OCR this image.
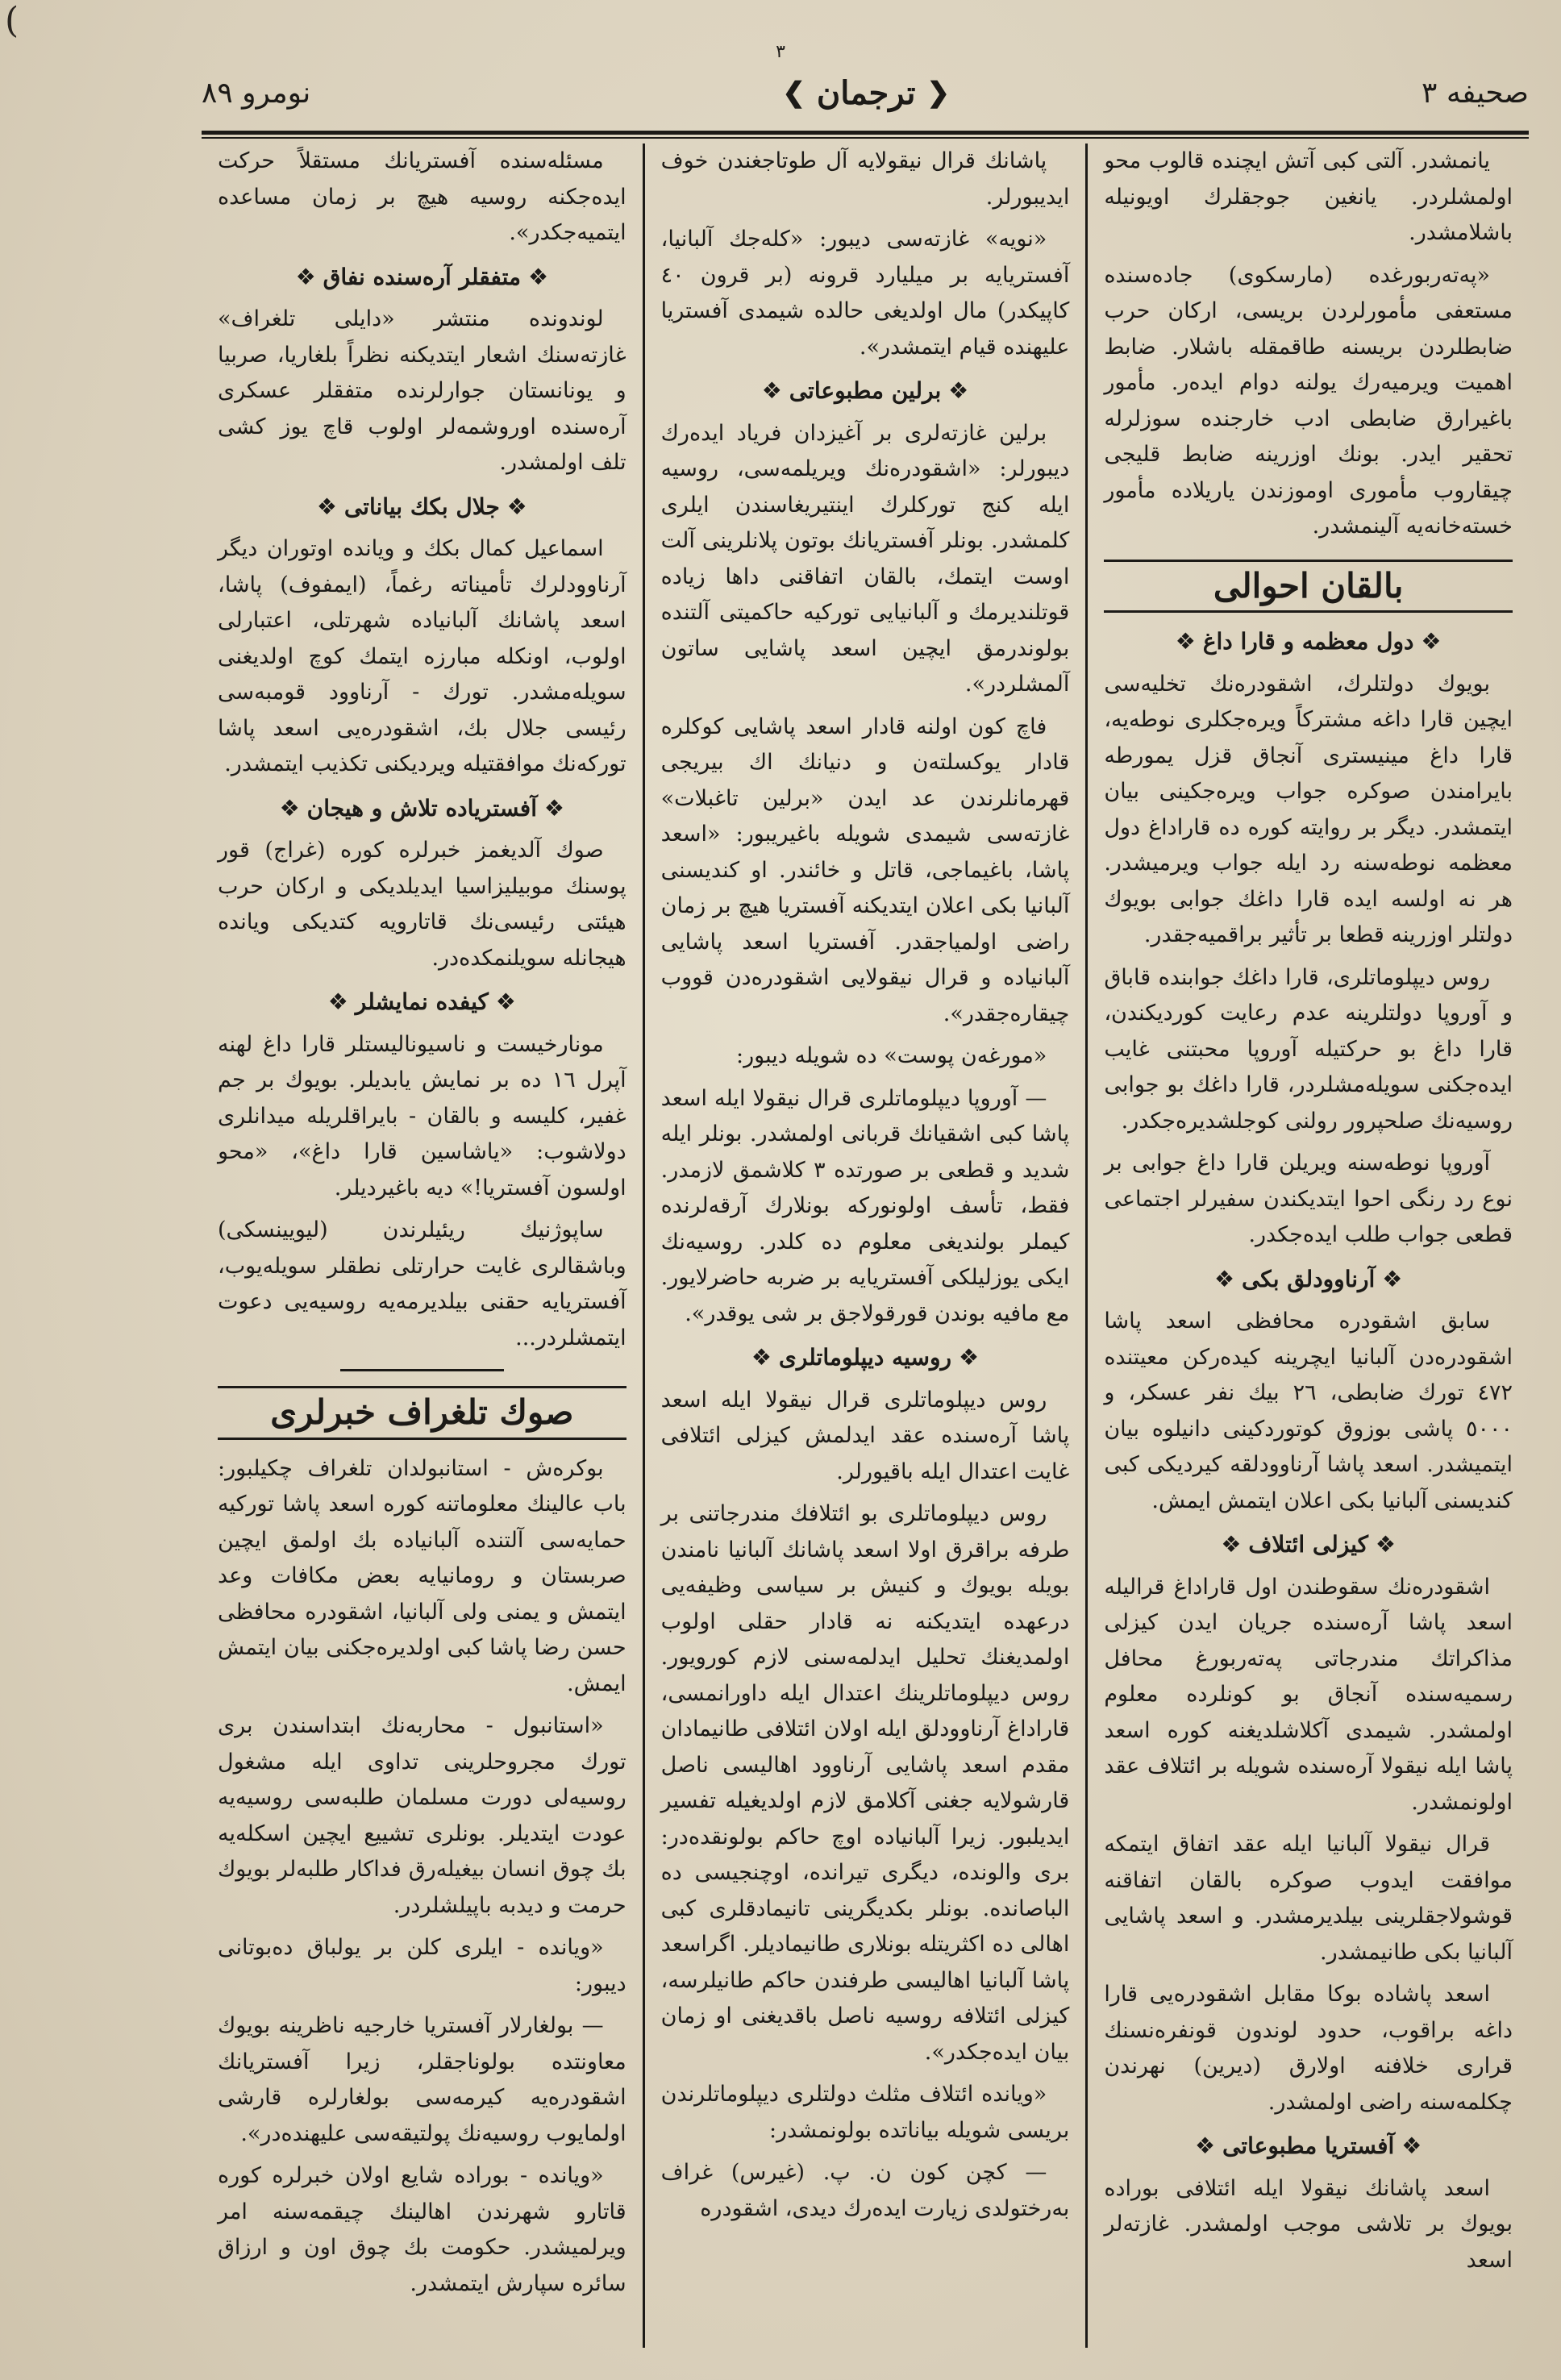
(
٣
صحيفه ٣
❮
ترجمان
❯
نومرو ٨٩

يانمشدر. آلتى كبى آتش ايچنده قالوب محو اولمشلردر. يانغين جوجقلرك اويونيله باشلامشدر.

«پەتەربورغده (مارسكوى) جادەسنده مستعفى مأمورلردن بريسى، اركان حرب ضابطلردن بريسنه طاقمقله باشلار. ضابط اهميت ويرميەرك يولنه دوام ايدەر. مأمور باغيرارق ضابطى ادب خارجنده سوزلرله تحقير ايدر. بونك اوزرينه ضابط قليجى چيقاروب مأمورى اوموزندن ياريلادە مأمور خستەخانەيه آلينمشدر.

بالقان احوالى
❖ دول معظمه و قارا داغ ❖

بويوك دولتلرك، اشقودرەنك تخليەسى ايچين قارا داغه مشتركاً ويرەجكلرى نوطەيه، قارا داغ مينيسترى آنجاق قزل يمورطه بايرامندن صوكره جواب ويرەجكينى بيان ايتمشدر. ديگر بر روايته كوره ده قاراداغ دول معظمه نوطەسنه رد ايله جواب ويرميشدر. هر نه اولسه ايده قارا داغك جوابى بويوك دولتلر اوزرينه قطعا بر تأثير براقميەجقدر.

روس ديپلوماتلرى، قارا داغك جوابنده قاباق و آوروپا دولتلرينه عدم رعايت كورديكندن، قارا داغ بو حركتيله آوروپا محبتنى غايب ايدەجكنى سويلەمشلردر، قارا داغك بو جوابى روسيەنك صلحپرور رولنى كوجلشديرەجكدر.

آوروپا نوطەسنه ويريلن قارا داغ جوابى بر نوع رد رنگى احوا ايتديكندن سفيرلر اجتماعى قطعى جواب طلب ايدەجكدر.

❖ آرناوودلق بكى ❖

سابق اشقودره محافظى اسعد پاشا اشقودره‌دن آلبانيا ايچرينه كيدەركن معيتنده ٤٧٢ تورك ضابطى، ٢٦ بيك نفر عسكر، و ٥٠٠٠ پاشى بوزوق كوتوردكينى دانيلوه بيان ايتميشدر. اسعد پاشا آرناوودلقه كيرديكى كبى كنديسنى آلبانيا بكى اعلان ايتمش ايمش.

❖ كيزلى ائتلاف ❖

اشقودرەنك سقوطندن اول قاراداغ قراليله اسعد پاشا آرەسنده جريان ايدن كيزلى مذاكراتك مندرجاتى پەتەربورغ محافل رسميەسنده آنجاق بو كونلرده معلوم اولمشدر. شيمدى آكلاشلديغنه كوره اسعد پاشا ايله نيقولا آرەسنده شويله بر ائتلاف عقد اولونمشدر.

قرال نيقولا آلبانيا ايله عقد اتفاق ايتمكه موافقت ايدوب صوكره بالقان اتفاقنه قوشولاجقلرينى بيلديرمشدر. و اسعد پاشايى آلبانيا بكى طانيمشدر.

اسعد پاشاده بوكا مقابل اشقودرەيى قارا داغه براقوب، حدود لوندون قونفرەنسنك قرارى خلافنه اولارق (ديرين) نهرندن چكلمەسنه راضى اولمشدر.

❖ آفستريا مطبوعاتى ❖

اسعد پاشانك نيقولا ايله ائتلافى بوراده بويوك بر تلاشى موجب اولمشدر. غازته‌لر اسعد

پاشانك قرال نيقولايه آل طوتاجغندن خوف ايديبورلر.

«نويه» غازته‌سى ديبور: «كلەجك آلبانيا، آفستريايه بر ميليارد قرونه (بر قرون ٤٠ كاپيكدر) مال اولديغى حالده شيمدى آفستريا عليهنده قيام ايتمشدر».

❖ برلين مطبوعاتى ❖

برلين غازته‌لرى بر آغيزدان فرياد ايدەرك ديبورلر: «اشقودرەنك ويريلمەسى، روسيه ايله كنج توركلرك اينتيريغاسندن ايلرى كلمشدر. بونلر آفستريانك بوتون پلانلرينى آلت اوست ايتمك، بالقان اتفاقنى داها زياده قوتلنديرمك و آلبانيايى توركيه حاكميتى آلتنده بولوندرمق ايچين اسعد پاشايى ساتون آلمشلردر».

فاچ كون اولنه قادار اسعد پاشايى كوكلره قادار يوكسلتەن و دنيانك اك بيريجى قهرمانلرندن عد ايدن «برلين تاغبلات» غازته‌سى شيمدى شويله باغيريبور: «اسعد پاشا، باغيماجى، قاتل و خائندر. او كنديسنى آلبانيا بكى اعلان ايتديكنه آفستريا هيچ بر زمان راضى اولمياجقدر. آفستريا اسعد پاشايى آلبانياده و قرال نيقولايى اشقودرەدن قووب چيقارەجقدر».

«مورغەن پوست» ده شويله ديبور:

— آوروپا ديپلوماتلرى قرال نيقولا ايله اسعد پاشا كبى اشقيانك قربانى اولمشدر. بونلر ايله شديد و قطعى بر صورتده ٣ كلاشمق لازمدر. فقط، تأسف اولونوركه بونلارك آرقەلرنده كيملر بولنديغى معلوم ده كلدر. روسيەنك ايكى يوزليلكى آفستريايه بر ضربه حاضرلايور. مع مافيه بوندن قورقولاجق بر شى يوقدر».

❖ روسيه ديپلوماتلرى ❖

روس ديپلوماتلرى قرال نيقولا ايله اسعد پاشا آرەسنده عقد ايدلمش كيزلى ائتلافى غايت اعتدال ايله باقيورلر.

روس ديپلوماتلرى بو ائتلافك مندرجاتنى بر طرفه براقرق اولا اسعد پاشانك آلبانيا نامندن بويله بويوك و كنيش بر سياسى وظيفه‌يى درعهده ايتديكنه نه قادار حقلى اولوب اولمديغنك تحليل ايدلمەسنى لازم كورويور. روس ديپلوماتلرينك اعتدال ايله داورانمسى، قاراداغ آرناوودلق ايله اولان ائتلافى طانيمادان مقدم اسعد پاشايى آرناوود اهاليسى ناصل قارشولايه جغنى آكلامق لازم اولديغيله تفسير ايديلبور. زيرا آلبانياده اوچ حاكم بولونقده‌در: برى والونده، ديگرى تيرانده، اوچنجيسى ده الباصانده. بونلر بكديگرينى تانيمادقلرى كبى اهالى ده اكثريتله بونلارى طانيماديلر. اگراسعد پاشا آلبانيا اهاليسى طرفندن حاكم طانيلرسه، كيزلى ائتلافه روسيه ناصل باقديغنى او زمان بيان ايدەجكدر».

«وياندە ائتلاف مثلث دولتلرى ديپلوماتلرندن بريسى شويله بياناتده بولونمشدر:

— كچن كون ن. پ. (غيرس) غراف بەرختولدى زيارت ايدەرك ديدى، اشقودره

مسئلەسنده آفستريانك مستقلاً حركت ايدەجكنه روسيه هيچ بر زمان مساعده ايتميەجكدر».

❖ متفقلر آرەسنده نفاق ❖

لوندونده منتشر «دايلى تلغراف» غازته‌سنك اشعار ايتديكنه نظراً بلغاريا، صربيا و يونانستان جوارلرنده متفقلر عسكرى آرەسنده اوروشمەلر اولوب قاچ يوز كشى تلف اولمشدر.

❖ جلال بكك بياناتى ❖

اسماعيل كمال بكك و وياندە اوتوران ديگر آرناوودلرك تأميناته رغماً، (ايمفوف) پاشا، اسعد پاشانك آلبانياده شهرتلى، اعتبارلى اولوب، اونكله مبارزه ايتمك كوچ اولديغنى سويلەمشدر. تورك - آرناوود قومبه‌سى رئيسى جلال بك، اشقودرەيى اسعد پاشا توركەنك موافقتيله ويرديكنى تكذيب ايتمشدر.

❖ آفستريادە تلاش و هيجان ❖

صوك آلديغمز خبرلره كوره (غراج) قور پوسنك موبيليزاسيا ايديلديكى و اركان حرب هيئتى رئيسى‌نك قاتارويه كتديكى وياندە هيجانله سويلنمكده‌در.

❖ كيفده نمايشلر ❖

مونارخيست و ناسيوناليستلر قارا داغ لهنه آپرل ١٦ ده بر نمايش يابديلر. بويوك بر جم غفير، كليسه و بالقان - بايراقلريله ميدانلرى دولاشوب: «ياشاسين قارا داغ»، «محو اولسون آفستريا!» ديه باغيرديلر.

ساپوژنيك ريئيلرندن (ليويينسكى) وباشقالرى غايت حرارتلى نطقلر سويلەيوب، آفستريايه حقنى بيلديرمەيه روسيه‌يى دعوت ايتمشلردر...

صوك تلغراف خبرلرى

بوكرەش - استانبولدان تلغراف چكيلبور: باب عالينك معلوماتنه كوره اسعد پاشا توركيه حمايەسى آلتنده آلبانياده بك اولمق ايچين صربستان و رومانيايه بعض مكافات وعد ايتمش و يمنى ولى آلبانيا، اشقودره محافظى حسن رضا پاشا كبى اولديرەجكنى بيان ايتمش ايمش.

«استانبول - محاربەنك ابتداسندن برى تورك مجروحلرينى تداوى ايله مشغول روسيه‌لى دورت مسلمان طلبەسى روسيەيه عودت ايتديلر. بونلرى تشييع ايچين اسكلەيه بك چوق انسان بيغيلەرق فداكار طلبەلر بويوك حرمت و ديدبه باپيلشلردر.

«وياندە - ايلرى كلن بر يولباق دەبوتانى ديبور:

— بولغارلار آفستريا خارجيه ناظرينه بويوك معاونتده بولوناجقلر، زيرا آفستريانك اشقودرەيه كيرمەسى بولغارلره قارشى اولمايوب روسيەنك پولتيقەسى عليهنده‌در».

«وياندە - بوراده شايع اولان خبرلره كوره قاتارو شهرندن اهالينك چيقمەسنه امر ويرلميشدر. حكومت بك چوق اون و ارزاق سائره سپارش ايتمشدر.
